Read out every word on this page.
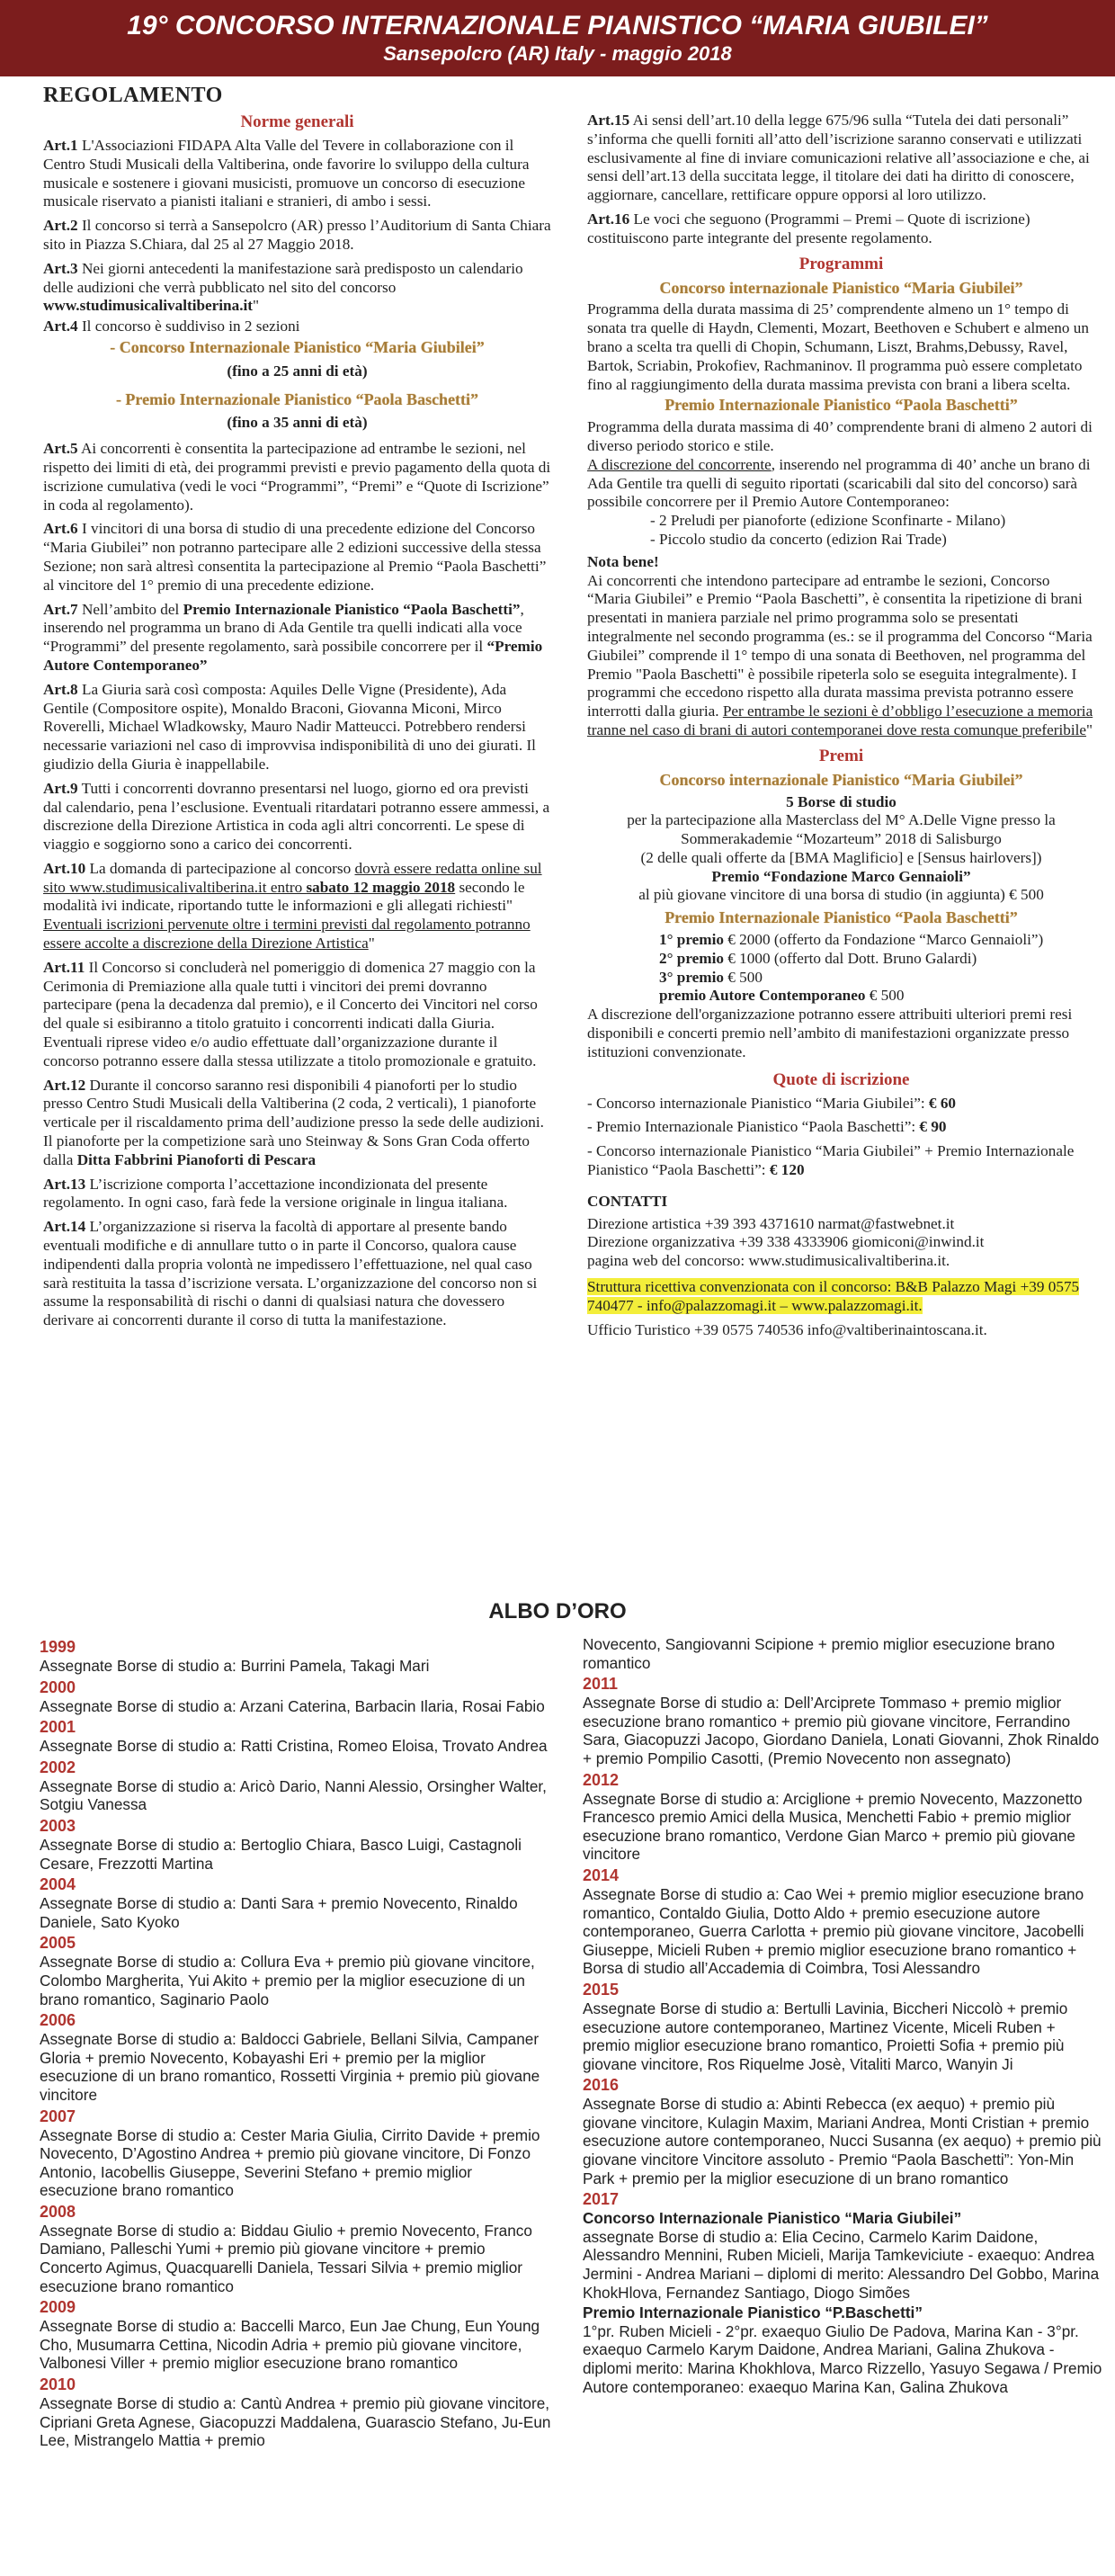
19° CONCORSO INTERNAZIONALE PIANISTICO “MARIA GIUBILEI”
Sansepolcro (AR) Italy - maggio 2018
REGOLAMENTO
Norme generali
Art.1 L'Associazioni FIDAPA Alta Valle del Tevere in collaborazione con il Centro Studi Musicali della Valtiberina, onde favorire lo sviluppo della cultura musicale e sostenere i giovani musicisti, promuove un concorso di esecuzione musicale riservato a pianisti italiani e stranieri, di ambo i sessi.
Art.2 Il concorso si terrà a Sansepolcro (AR) presso l’Auditorium di Santa Chiara sito in Piazza S.Chiara, dal 25 al 27 Maggio 2018.
Art.3 Nei giorni antecedenti la manifestazione sarà predisposto un calendario delle audizioni che verrà pubblicato nel sito del concorso www.studimusicalivaltiberina.it"
Art.4 Il concorso è suddiviso in 2 sezioni
- Concorso Internazionale Pianistico “Maria Giubilei”
(fino a 25 anni di età)
- Premio Internazionale Pianistico “Paola Baschetti”
(fino a 35 anni di età)
Art.5 Ai concorrenti è consentita la partecipazione ad entrambe le sezioni, nel rispetto dei limiti di età, dei programmi previsti e previo pagamento della quota di iscrizione cumulativa (vedi le voci “Programmi”, “Premi” e “Quote di Iscrizione” in coda al regolamento).
Art.6 I vincitori di una borsa di studio di una precedente edizione del Concorso “Maria Giubilei” non potranno partecipare alle 2 edizioni successive della stessa Sezione; non sarà altresì consentita la partecipazione al Premio “Paola Baschetti” al vincitore del 1° premio di una precedente edizione.
Art.7 Nell’ambito del Premio Internazionale Pianistico “Paola Baschetti”, inserendo nel programma un brano di Ada Gentile tra quelli indicati alla voce “Programmi” del presente regolamento, sarà possibile concorrere per il “Premio Autore Contemporaneo”
Art.8 La Giuria sarà così composta: Aquiles Delle Vigne (Presidente), Ada Gentile (Compositore ospite), Monaldo Braconi, Giovanna Miconi, Mirco Roverelli, Michael Wladkowsky, Mauro Nadir Matteucci. Potrebbero rendersi necessarie variazioni nel caso di improvvisa indisponibilità di uno dei giurati. Il giudizio della Giuria è inappellabile.
Art.9 Tutti i concorrenti dovranno presentarsi nel luogo, giorno ed ora previsti dal calendario, pena l’esclusione. Eventuali ritardatari potranno essere ammessi, a discrezione della Direzione Artistica in coda agli altri concorrenti. Le spese di viaggio e soggiorno sono a carico dei concorrenti.
Art.10 La domanda di partecipazione al concorso dovrà essere redatta online sul sito www.studimusicalivaltiberina.it entro sabato 12 maggio 2018 secondo le modalità ivi indicate, riportando tutte le informazioni e gli allegati richiesti"
Eventuali iscrizioni pervenute oltre i termini previsti dal regolamento potranno essere accolte a discrezione della Direzione Artistica"
Art.11 Il Concorso si concluderà nel pomeriggio di domenica 27 maggio con la Cerimonia di Premiazione alla quale tutti i vincitori dei premi dovranno partecipare (pena la decadenza dal premio), e il Concerto dei Vincitori nel corso del quale si esibiranno a titolo gratuito i concorrenti indicati dalla Giuria. Eventuali riprese video e/o audio effettuate dall’organizzazione durante il concorso potranno essere dalla stessa utilizzate a titolo promozionale e gratuito.
Art.12 Durante il concorso saranno resi disponibili 4 pianoforti per lo studio presso Centro Studi Musicali della Valtiberina (2 coda, 2 verticali), 1 pianoforte verticale per il riscaldamento prima dell’audizione presso la sede delle audizioni. Il pianoforte per la competizione sarà uno Steinway & Sons Gran Coda offerto dalla Ditta Fabbrini Pianoforti di Pescara
Art.13 L’iscrizione comporta l’accettazione incondizionata del presente regolamento. In ogni caso, farà fede la versione originale in lingua italiana.
Art.14 L’organizzazione si riserva la facoltà di apportare al presente bando eventuali modifiche e di annullare tutto o in parte il Concorso, qualora cause indipendenti dalla propria volontà ne impedissero l’effettuazione, nel qual caso sarà restituita la tassa d’iscrizione versata. L’organizzazione del concorso non si assume la responsabilità di rischi o danni di qualsiasi natura che dovessero derivare ai concorrenti durante il corso di tutta la manifestazione.
Art.15 Ai sensi dell’art.10 della legge 675/96 sulla “Tutela dei dati personali” s’informa che quelli forniti all’atto dell’iscrizione saranno conservati e utilizzati esclusivamente al fine di inviare comunicazioni relative all’associazione e che, ai sensi dell’art.13 della succitata legge, il titolare dei dati ha diritto di conoscere, aggiornare, cancellare, rettificare oppure opporsi al loro utilizzo.
Art.16 Le voci che seguono (Programmi – Premi – Quote di iscrizione) costituiscono parte integrante del presente regolamento.
Programmi
Concorso internazionale Pianistico “Maria Giubilei”
Programma della durata massima di 25’ comprendente almeno un 1° tempo di sonata tra quelle di Haydn, Clementi, Mozart, Beethoven e Schubert e almeno un brano a scelta tra quelli di Chopin, Schumann, Liszt, Brahms,Debussy, Ravel, Bartok, Scriabin, Prokofiev, Rachmaninov. Il programma può essere completato fino al raggiungimento della durata massima prevista con brani a libera scelta.
Premio Internazionale Pianistico “Paola Baschetti”
Programma della durata massima di 40’ comprendente brani di almeno 2 autori di diverso periodo storico e stile.
A discrezione del concorrente, inserendo nel programma di 40’ anche un brano di Ada Gentile tra quelli di seguito riportati (scaricabili dal sito del concorso) sarà possibile concorrere per il Premio Autore Contemporaneo:
- 2 Preludi per pianoforte (edizione Sconfinarte - Milano)
- Piccolo studio da concerto (edizion Rai Trade)
Nota bene!
Ai concorrenti che intendono partecipare ad entrambe le sezioni, Concorso “Maria Giubilei” e Premio “Paola Baschetti”, è consentita la ripetizione di brani presentati in maniera parziale nel primo programma solo se presentati integralmente nel secondo programma (es.: se il programma del Concorso “Maria Giubilei” comprende il 1° tempo di una sonata di Beethoven, nel programma del Premio "Paola Baschetti" è possibile ripeterla solo se eseguita integralmente). I programmi che eccedono rispetto alla durata massima prevista potranno essere interrotti dalla giuria. Per entrambe le sezioni è d’obbligo l’esecuzione a memoria tranne nel caso di brani di autori contemporanei dove resta comunque preferibile"
Premi
Concorso internazionale Pianistico “Maria Giubilei”
5 Borse di studio
per la partecipazione alla Masterclass del M° A.Delle Vigne presso la Sommerakademie “Mozarteum” 2018 di Salisburgo
(2 delle quali offerte da [BMA Maglificio] e [Sensus hairlovers])
Premio “Fondazione Marco Gennaioli”
al più giovane vincitore di una borsa di studio (in aggiunta) € 500
Premio Internazionale Pianistico “Paola Baschetti”
1° premio € 2000 (offerto da Fondazione “Marco Gennaioli”)
2° premio € 1000 (offerto dal Dott. Bruno Galardi)
3° premio € 500
premio Autore Contemporaneo € 500
A discrezione dell'organizzazione potranno essere attribuiti ulteriori premi resi disponibili e concerti premio nell’ambito di manifestazioni organizzate presso istituzioni convenzionate.
Quote di iscrizione
- Concorso internazionale Pianistico “Maria Giubilei”: € 60
- Premio Internazionale Pianistico “Paola Baschetti”: € 90
- Concorso internazionale Pianistico “Maria Giubilei” + Premio Internazionale Pianistico “Paola Baschetti”: € 120
CONTATTI
Direzione artistica +39 393 4371610 narmat@fastwebnet.it
Direzione organizzativa +39 338 4333906 giomiconi@inwind.it
pagina web del concorso: www.studimusicalivaltiberina.it.
Struttura ricettiva convenzionata con il concorso: B&B Palazzo Magi +39 0575 740477 - info@palazzomagi.it – www.palazzomagi.it.
Ufficio Turistico +39 0575 740536 info@valtiberinaintoscana.it.
ALBO D’ORO
1999
Assegnate Borse di studio a: Burrini Pamela, Takagi Mari
2000
Assegnate Borse di studio a: Arzani Caterina, Barbacin Ilaria, Rosai Fabio
2001
Assegnate Borse di studio a: Ratti Cristina, Romeo Eloisa, Trovato Andrea
2002
Assegnate Borse di studio a: Aricò Dario, Nanni Alessio, Orsingher Walter, Sotgiu Vanessa
2003
Assegnate Borse di studio a: Bertoglio Chiara, Basco Luigi, Castagnoli Cesare, Frezzotti Martina
2004
Assegnate Borse di studio a: Danti Sara + premio Novecento, Rinaldo Daniele, Sato Kyoko
2005
Assegnate Borse di studio a: Collura Eva + premio più giovane vincitore, Colombo Margherita, Yui Akito + premio per la miglior esecuzione di un brano romantico, Saginario Paolo
2006
Assegnate Borse di studio a: Baldocci Gabriele, Bellani Silvia, Campaner Gloria + premio Novecento, Kobayashi Eri + premio per la miglior esecuzione di un brano romantico, Rossetti Virginia + premio più giovane vincitore
2007
Assegnate Borse di studio a: Cester Maria Giulia, Cirrito Davide + premio Novecento, D’Agostino Andrea + premio più giovane vincitore, Di Fonzo Antonio, Iacobellis Giuseppe, Severini Stefano + premio miglior esecuzione brano romantico
2008
Assegnate Borse di studio a: Biddau Giulio + premio Novecento, Franco Damiano, Palleschi Yumi + premio più giovane vincitore + premio Concerto Agimus, Quacquarelli Daniela, Tessari Silvia + premio miglior esecuzione brano romantico
2009
Assegnate Borse di studio a: Baccelli Marco, Eun Jae Chung, Eun Young Cho, Musumarra Cettina, Nicodin Adria + premio più giovane vincitore, Valbonesi Viller + premio miglior esecuzione brano romantico
2010
Assegnate Borse di studio a: Cantù Andrea + premio più giovane vincitore, Cipriani Greta Agnese, Giacopuzzi Maddalena, Guarascio Stefano, Ju-Eun Lee, Mistrangelo Mattia + premio
Novecento, Sangiovanni Scipione + premio miglior esecuzione brano romantico
2011
Assegnate Borse di studio a: Dell’Arciprete Tommaso + premio miglior esecuzione brano romantico + premio più giovane vincitore, Ferrandino Sara, Giacopuzzi Jacopo, Giordano Daniela, Lonati Giovanni, Zhok Rinaldo + premio Pompilio Casotti, (Premio Novecento non assegnato)
2012
Assegnate Borse di studio a: Arciglione + premio Novecento, Mazzonetto Francesco premio Amici della Musica, Menchetti Fabio + premio miglior esecuzione brano romantico, Verdone Gian Marco + premio più giovane vincitore
2014
Assegnate Borse di studio a: Cao Wei + premio miglior esecuzione brano romantico, Contaldo Giulia, Dotto Aldo + premio esecuzione autore contemporaneo, Guerra Carlotta + premio più giovane vincitore, Jacobelli Giuseppe, Micieli Ruben + premio miglior esecuzione brano romantico + Borsa di studio all’Accademia di Coimbra, Tosi Alessandro
2015
Assegnate Borse di studio a: Bertulli Lavinia, Biccheri Niccolò + premio esecuzione autore contemporaneo, Martinez Vicente, Miceli Ruben + premio miglior esecuzione brano romantico, Proietti Sofia + premio più giovane vincitore, Ros Riquelme Josè, Vitaliti Marco, Wanyin Ji
2016
Assegnate Borse di studio a: Abinti Rebecca (ex aequo) + premio più giovane vincitore, Kulagin Maxim, Mariani Andrea, Monti Cristian + premio esecuzione autore contemporaneo, Nucci Susanna (ex aequo) + premio più giovane vincitore Vincitore assoluto - Premio “Paola Baschetti”: Yon-Min Park + premio per la miglior esecuzione di un brano romantico
2017
Concorso Internazionale Pianistico “Maria Giubilei”
assegnate Borse di studio a: Elia Cecino, Carmelo Karim Daidone, Alessandro Mennini, Ruben Micieli, Marija Tamkeviciute - exaequo: Andrea Jermini - Andrea Mariani – diplomi di merito: Alessandro Del Gobbo, Marina KhokHlova, Fernandez Santiago, Diogo Simões
Premio Internazionale Pianistico “P.Baschetti”
1°pr. Ruben Micieli - 2°pr. exaequo Giulio De Padova, Marina Kan - 3°pr. exaequo Carmelo Karym Daidone, Andrea Mariani, Galina Zhukova - diplomi merito: Marina Khokhlova, Marco Rizzello, Yasuyo Segawa / Premio Autore contemporaneo: exaequo Marina Kan, Galina Zhukova
